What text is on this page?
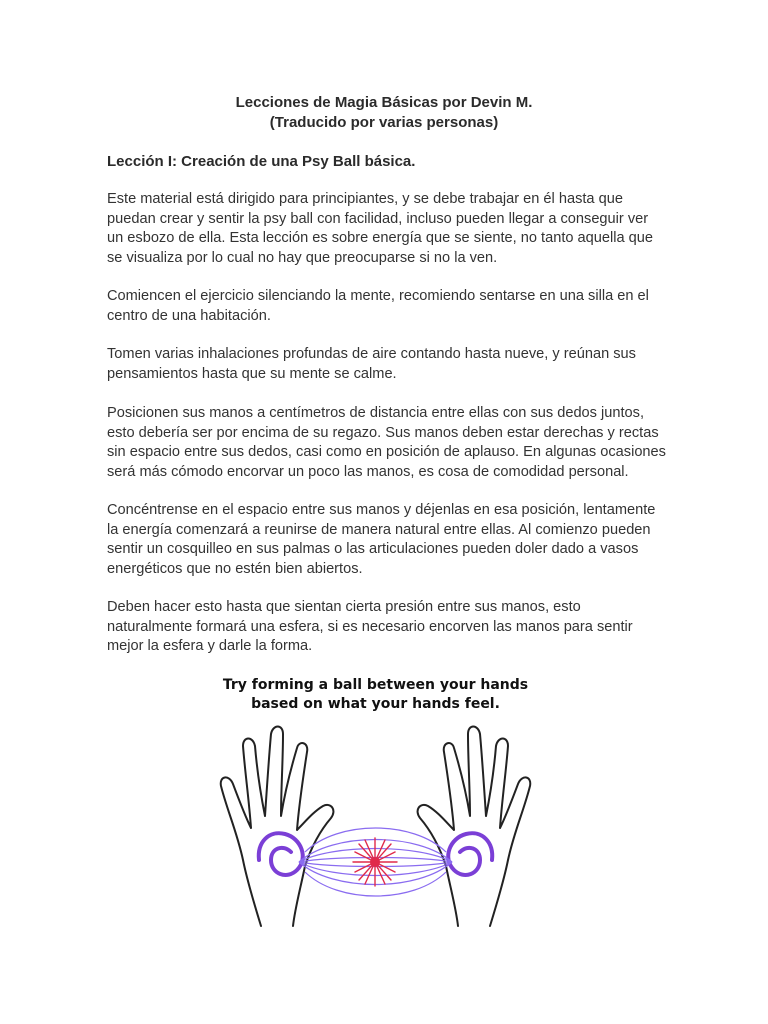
Lecciones de Magia Básicas por Devin M.
(Traducido por varias personas)
Lección I: Creación de una Psy Ball básica.

Este material está dirigido para principiantes, y se debe trabajar en él hasta que puedan crear y sentir la psy ball con facilidad, incluso pueden llegar a conseguir ver un esbozo de ella. Esta lección es sobre energía que se siente, no tanto aquella que se visualiza por lo cual no hay que preocuparse si no la ven.

Comiencen el ejercicio silenciando la mente, recomiendo sentarse en una silla en el centro de una habitación.

Tomen varias inhalaciones profundas de aire contando hasta nueve, y reúnan sus pensamientos hasta que su mente se calme.

Posicionen sus manos a centímetros de distancia entre ellas con sus dedos juntos, esto debería ser por encima de su regazo. Sus manos deben estar derechas y rectas sin espacio entre sus dedos, casi como en posición de aplauso. En algunas ocasiones será más cómodo encorvar un poco las manos, es cosa de comodidad personal.

Concéntrense en el espacio entre sus manos y déjenlas en esa posición, lentamente la energía comenzará a reunirse de manera natural entre ellas. Al comienzo pueden sentir un cosquilleo en sus palmas o las articulaciones pueden doler dado a vasos energéticos que no estén bien abiertos.

Deben hacer esto hasta que sientan cierta presión entre sus manos, esto naturalmente formará una esfera, si es necesario encorven las manos para sentir mejor la esfera y darle la forma.

Try forming a ball between your hands
based on what your hands feel.
